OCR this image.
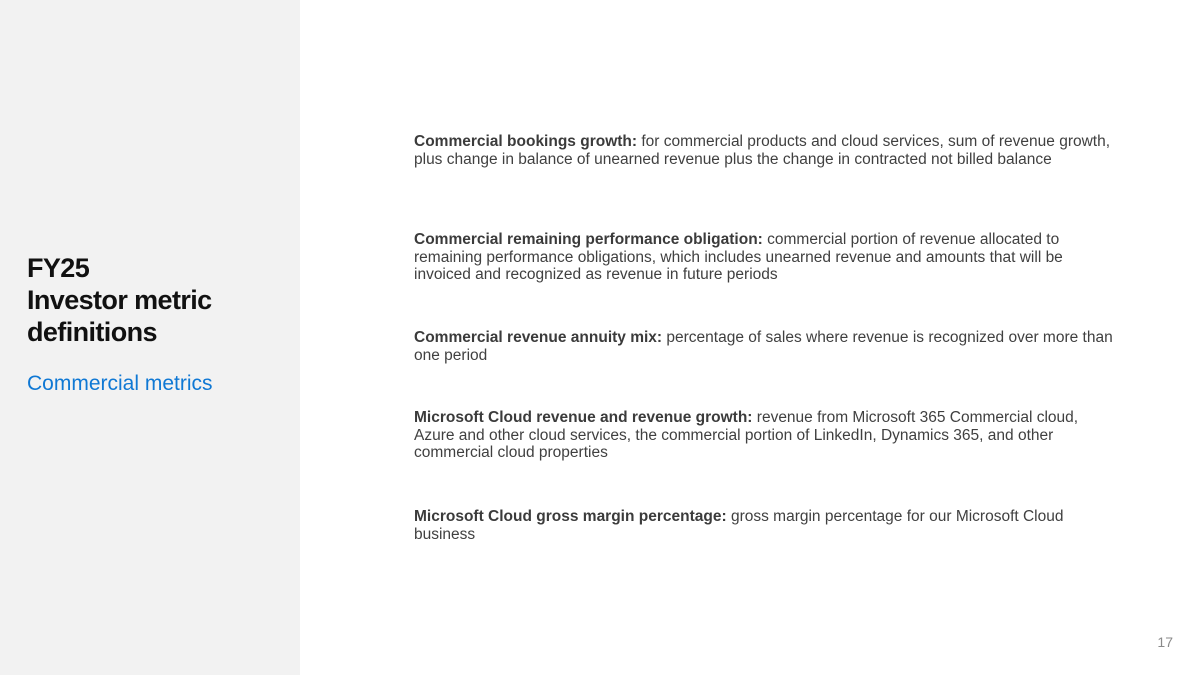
FY25
Investor metric
definitions
Commercial metrics
Commercial bookings growth: for commercial products and cloud services, sum of revenue growth, plus change in balance of unearned revenue plus the change in contracted not billed balance
Commercial remaining performance obligation: commercial portion of revenue allocated to remaining performance obligations, which includes unearned revenue and amounts that will be invoiced and recognized as revenue in future periods
Commercial revenue annuity mix: percentage of sales where revenue is recognized over more than one period
Microsoft Cloud revenue and revenue growth: revenue from Microsoft 365 Commercial cloud, Azure and other cloud services, the commercial portion of LinkedIn, Dynamics 365, and other commercial cloud properties
Microsoft Cloud gross margin percentage: gross margin percentage for our Microsoft Cloud business
17
